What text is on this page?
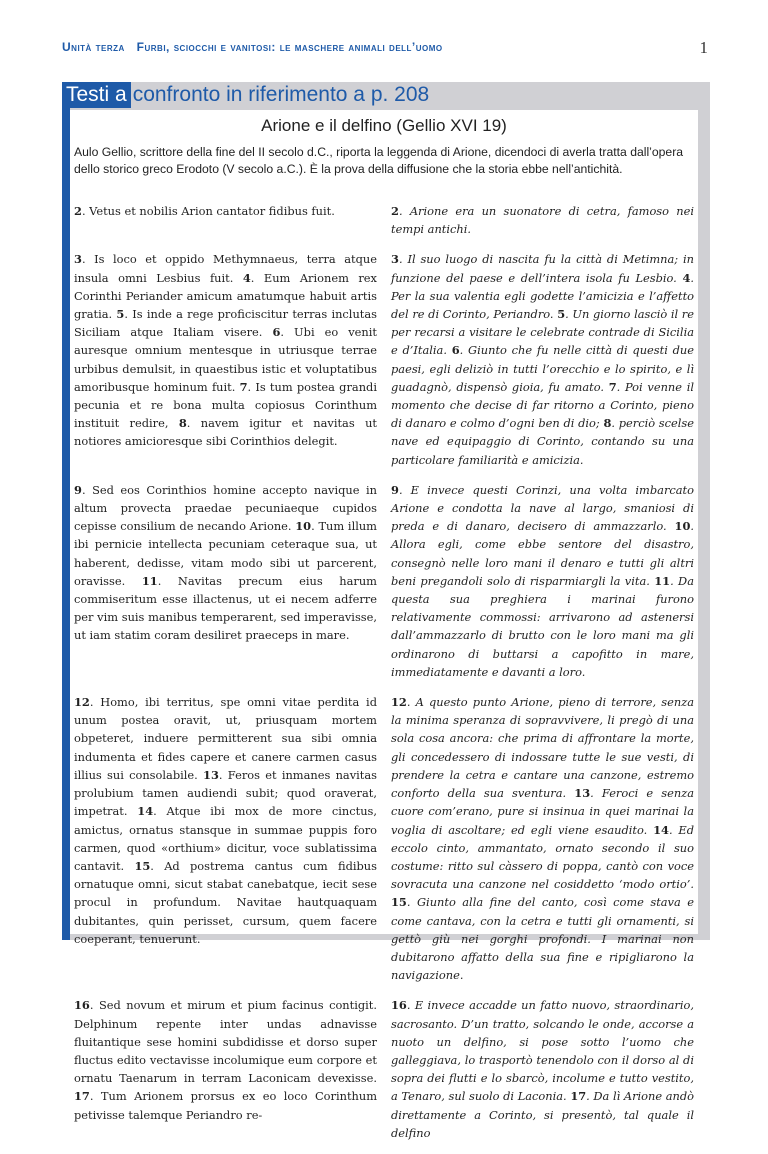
Unità terza Furbi, sciocchi e vanitosi: le maschere animali dell’uomo	1
Testi a confronto in riferimento a p. 208
Arione e il delfino (Gellio XVI 19)
Aulo Gellio, scrittore della fine del II secolo d.C., riporta la leggenda di Arione, dicendoci di averla tratta dall’opera dello storico greco Erodoto (V secolo a.C.). È la prova della diffusione che la storia ebbe nell’antichità.
2. Vetus et nobilis Arion cantator fidibus fuit.	2. Arione era un suonatore di cetra, famoso nei tempi antichi.
3. Is loco et oppido Methymnaeus, terra atque insula omni Lesbius fuit. 4. Eum Arionem rex Corinthi Periander amicum amatumque habuit artis gratia. 5. Is inde a rege proficiscitur terras inclutas Siciliam atque Italiam visere. 6. Ubi eo venit auresque omnium mentesque in utriusque terrae urbibus demulsit, in quaestibus istic et voluptatibus amoribusque hominum fuit. 7. Is tum postea grandi pecunia et re bona multa copiosus Corinthum instituit redire, 8. navem igitur et navitas ut notiores amicioresque sibi Corinthios delegit.
3. Il suo luogo di nascita fu la città di Metimna; in funzione del paese e dell’intera isola fu Lesbio. 4. Per la sua valentia egli godette l’amicizia e l’affetto del re di Corinto, Periandro. 5. Un giorno lasciò il re per recarsi a visitare le celebrate contrade di Sicilia e d’Italia. 6. Giunto che fu nelle città di questi due paesi, egli deliziò in tutti l’orecchio e lo spirito, e lì guadagnò, dispensò gioia, fu amato. 7. Poi venne il momento che decise di far ritorno a Corinto, pieno di danaro e colmo d’ogni ben di dio; 8. perciò scelse nave ed equipaggio di Corinto, contando su una particolare familiarità e amicizia.
9. Sed eos Corinthios homine accepto navique in altum provecta praedae pecuniaeque cupidos cepisse consilium de necando Arione. 10. Tum illum ibi pernicie intellecta pecuniam ceteraque sua, ut haberent, dedisse, vitam modo sibi ut parcerent, oravisse. 11. Navitas precum eius harum commiseritum esse illactenus, ut ei necem adferre per vim suis manibus temperarent, sed imperavisse, ut iam statim coram desiliret praeceps in mare.
9. E invece questi Corinzi, una volta imbarcato Arione e condotta la nave al largo, smaniosi di preda e di danaro, decisero di ammazzarlo. 10. Allora egli, come ebbe sentore del disastro, consegnò nelle loro mani il denaro e tutti gli altri beni pregandoli solo di risparmiargli la vita. 11. Da questa sua preghiera i marinai furono relativamente commossi: arrivarono ad astenersi dall’ammazzarlo di brutto con le loro mani ma gli ordinarono di buttarsi a capofitto in mare, immediatamente e davanti a loro.
12. Homo, ibi territus, spe omni vitae perdita id unum postea oravit, ut, priusquam mortem obpeteret, induere permitterent sua sibi omnia indumenta et fides capere et canere carmen casus illius sui consolabile. 13. Feros et inmanes navitas prolubium tamen audiendi subit; quod oraverat, impetrat. 14. Atque ibi mox de more cinctus, amictus, ornatus stansque in summae puppis foro carmen, quod «orthium» dicitur, voce sublatissima cantavit. 15. Ad postrema cantus cum fidibus ornatuque omni, sicut stabat canebatque, iecit sese procul in profundum. Navitae hautquaquam dubitantes, quin perisset, cursum, quem facere coeperant, tenuerunt.
12. A questo punto Arione, pieno di terrore, senza la minima speranza di sopravvivere, li pregò di una sola cosa ancora: che prima di affrontare la morte, gli concedessero di indossare tutte le sue vesti, di prendere la cetra e cantare una canzone, estremo conforto della sua sventura. 13. Feroci e senza cuore com’erano, pure si insinua in quei marinai la voglia di ascoltare; ed egli viene esaudito. 14. Ed eccolo cinto, ammantato, ornato secondo il suo costume: ritto sul càssero di poppa, cantò con voce sovracuta una canzone nel cosiddetto ‘modo ortio’. 15. Giunto alla fine del canto, così come stava e come cantava, con la cetra e tutti gli ornamenti, si gettò giù nei gorghi profondi. I marinai non dubitarono affatto della sua fine e ripigliarono la navigazione.
16. Sed novum et mirum et pium facinus contigit. Delphinum repente inter undas adnavisse fluitantique sese homini subdidisse et dorso super fluctus edito vectavisse incolumique eum corpore et ornatu Taenarum in terram Laconicam devexisse. 17. Tum Arionem prorsus ex eo loco Corinthum petivisse talemque Periandro re-
16. E invece accadde un fatto nuovo, straordinario, sacrosanto. D’un tratto, solcando le onde, accorse a nuoto un delfino, si pose sotto l’uomo che galleggiava, lo trasportò tenendolo con il dorso al di sopra dei flutti e lo sbarcò, incolume e tutto vestito, a Tenaro, sul suolo di Laconia. 17. Da lì Arione andò direttamente a Corinto, si presentò, tal quale il delfino
